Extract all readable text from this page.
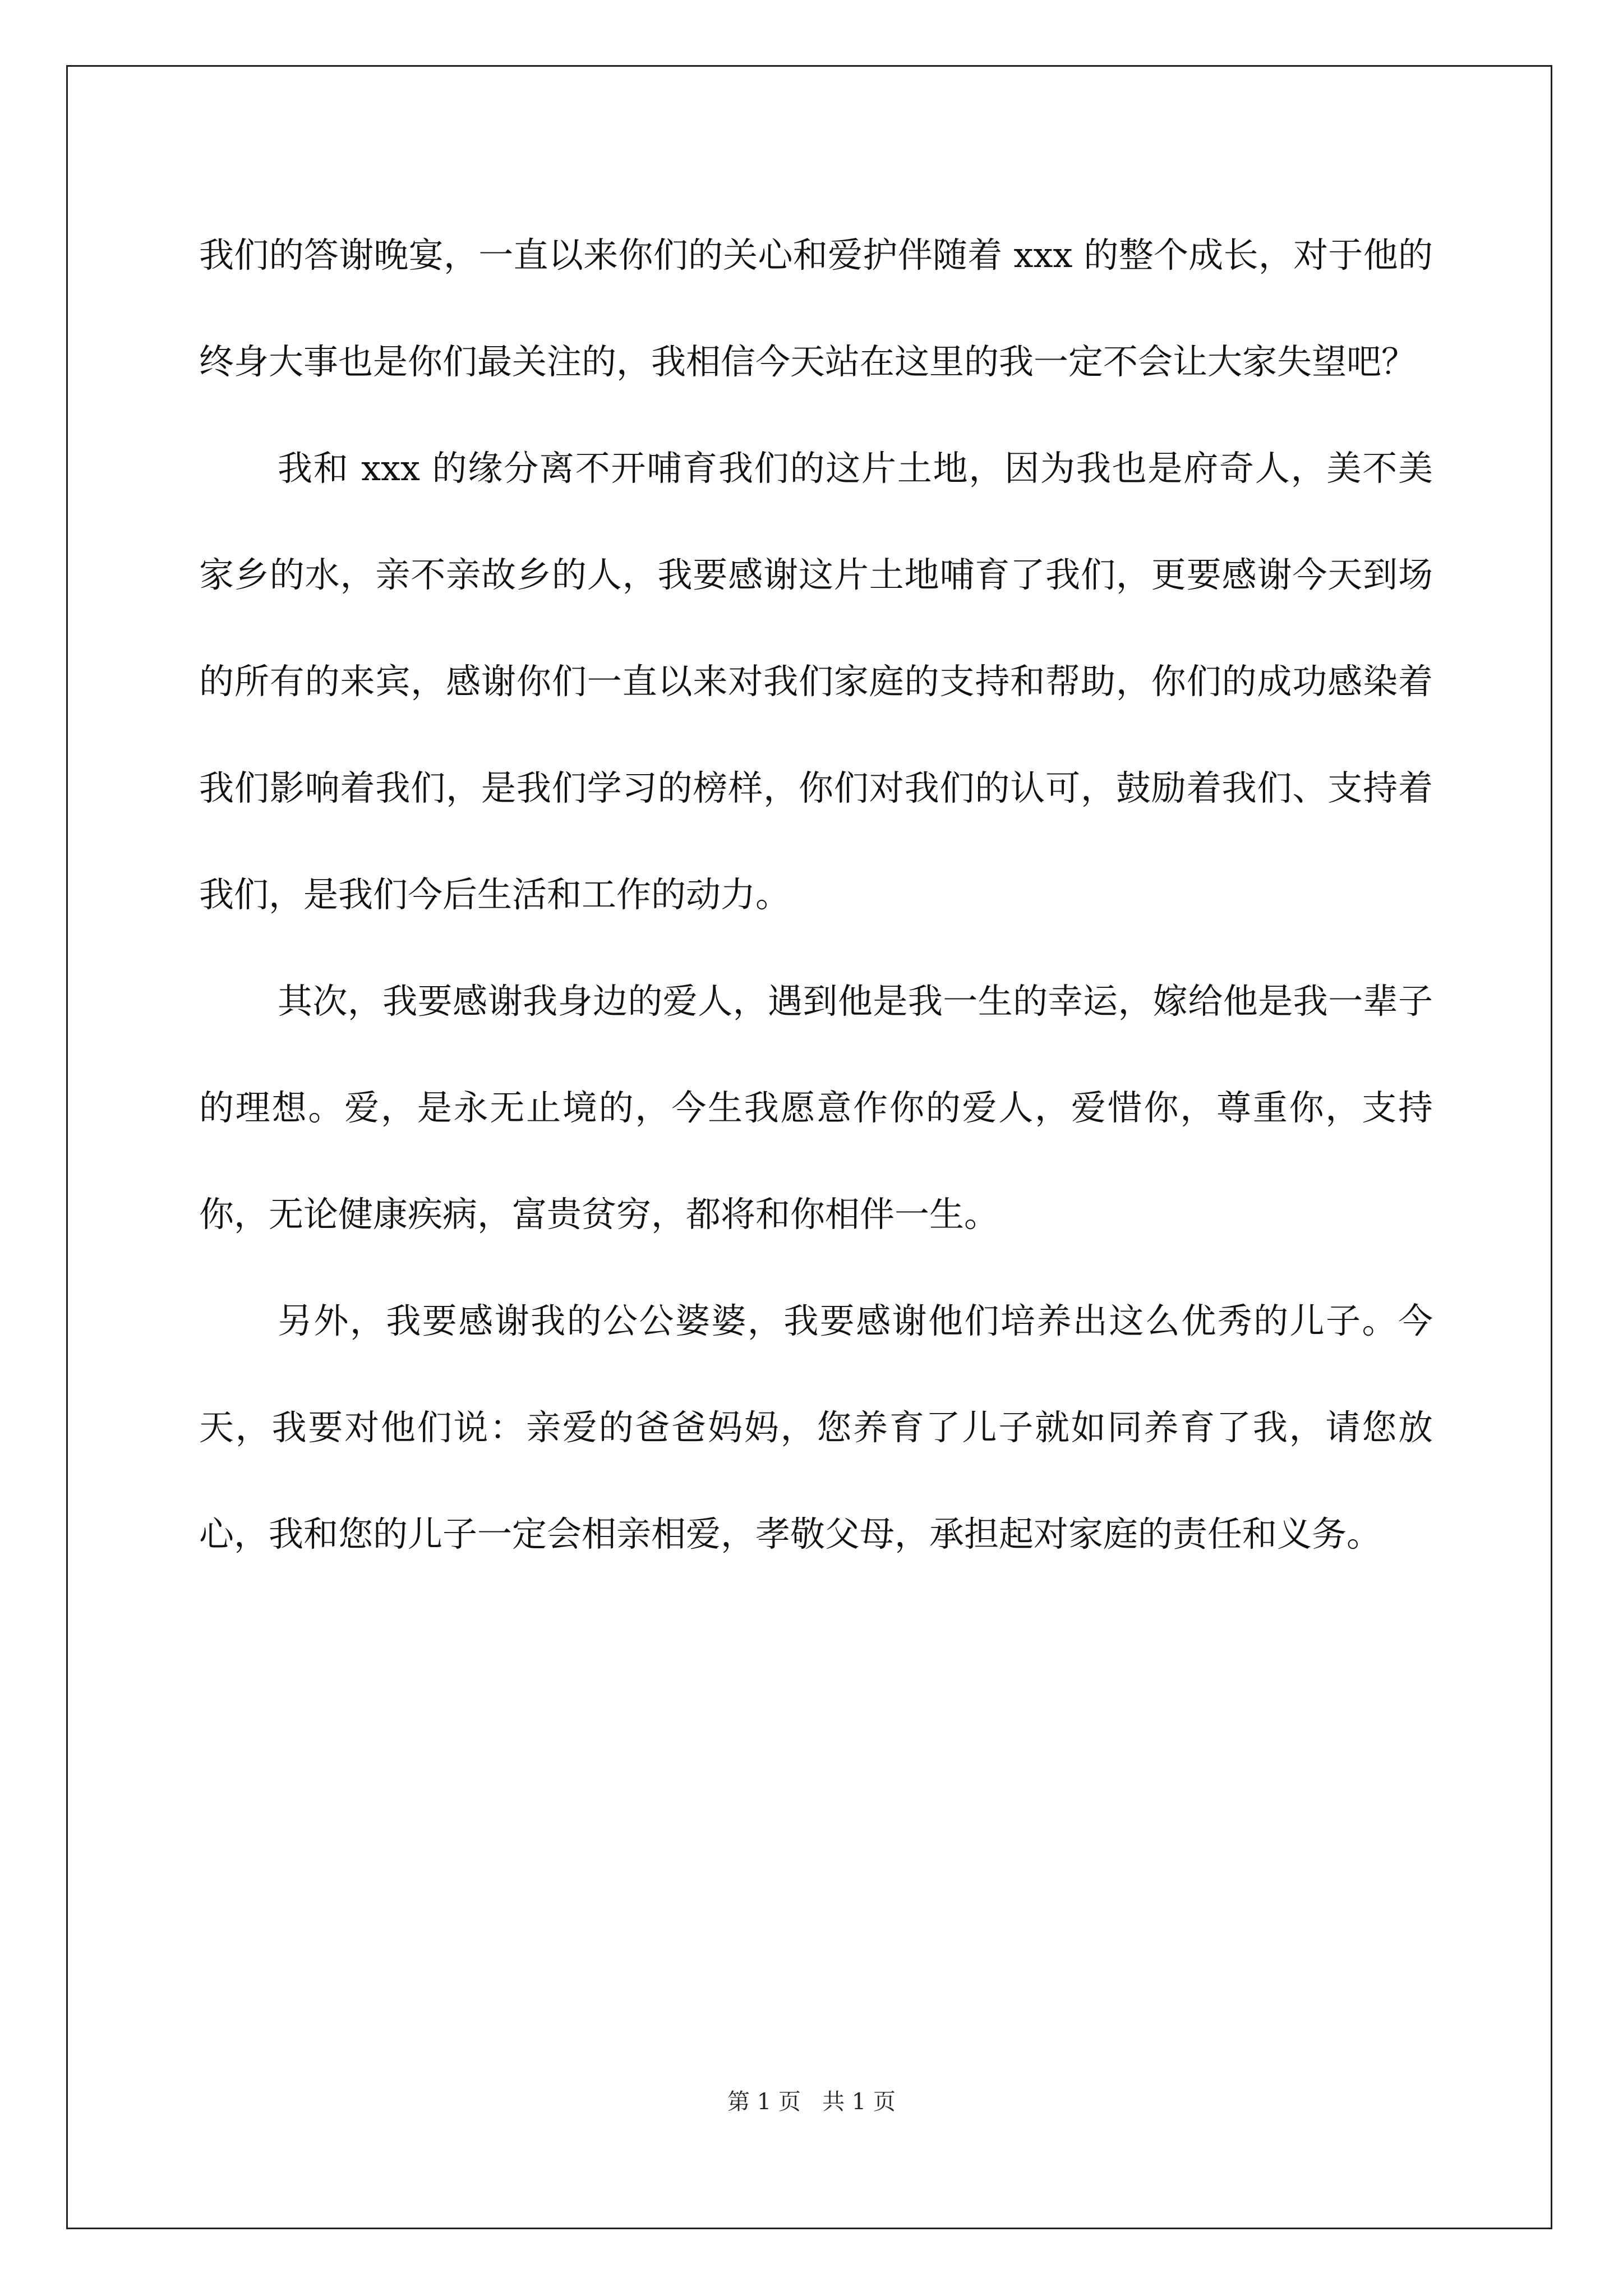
我们的答谢晚宴，一直以来你们的关心和爱护伴随着 xxx 的整个成长，对于他的终身大事也是你们最关注的，我相信今天站在这里的我一定不会让大家失望吧？

我和 xxx 的缘分离不开哺育我们的这片土地，因为我也是府奇人，美不美家乡的水，亲不亲故乡的人，我要感谢这片土地哺育了我们，更要感谢今天到场的所有的来宾，感谢你们一直以来对我们家庭的支持和帮助，你们的成功感染着我们影响着我们，是我们学习的榜样，你们对我们的认可，鼓励着我们、支持着我们，是我们今后生活和工作的动力。

其次，我要感谢我身边的爱人，遇到他是我一生的幸运，嫁给他是我一辈子的理想。爱，是永无止境的，今生我愿意作你的爱人，爱惜你，尊重你，支持你，无论健康疾病，富贵贫穷，都将和你相伴一生。

另外，我要感谢我的公公婆婆，我要感谢他们培养出这么优秀的儿子。今天，我要对他们说：亲爱的爸爸妈妈，您养育了儿子就如同养育了我，请您放心，我和您的儿子一定会相亲相爱，孝敬父母，承担起对家庭的责任和义务。

第 1 页   共 1 页
